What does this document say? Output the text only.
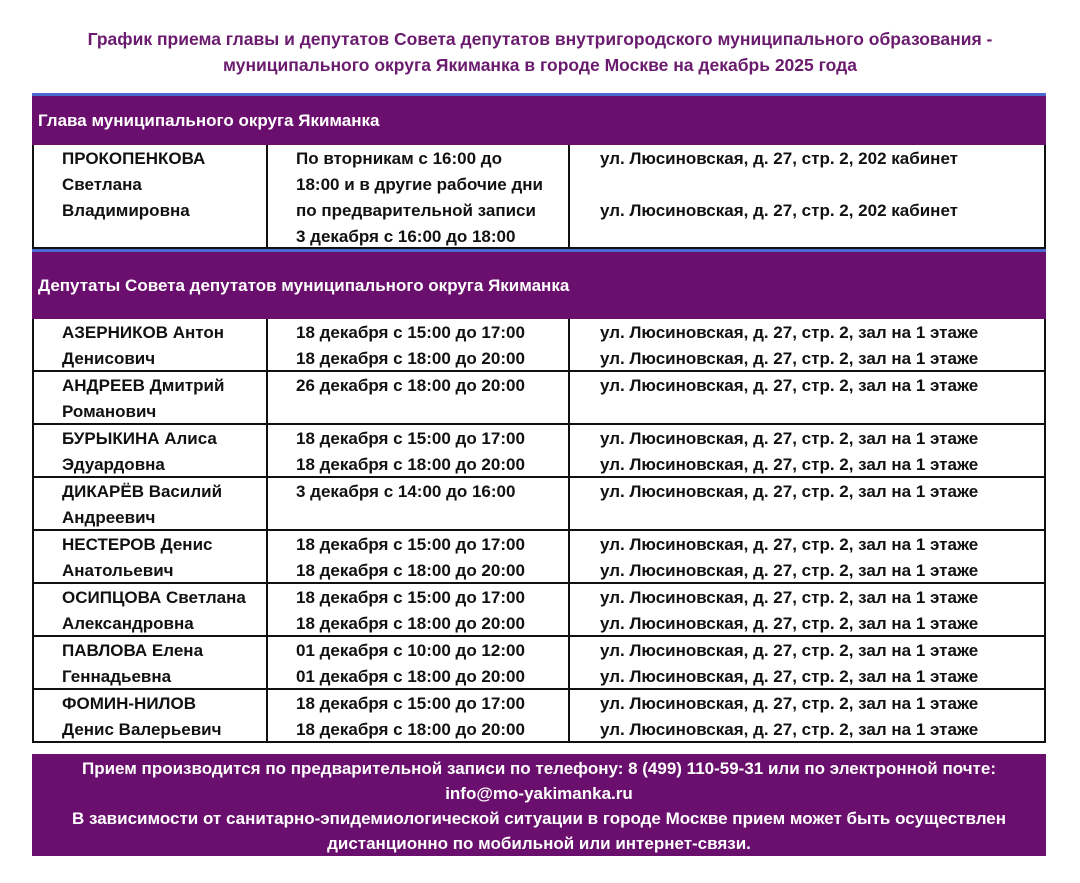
График приема главы и депутатов Совета депутатов внутригородского муниципального образования -
муниципального округа Якиманка в городе Москве на декабрь 2025 года
Глава муниципального округа Якиманка
ПРОКОПЕНКОВА
Светлана
Владимировна
По вторникам с 16:00 до
18:00 и в другие рабочие дни
по предварительной записи
3 декабря с 16:00 до 18:00
ул. Люсиновская, д. 27, стр. 2, 202 кабинет
ул. Люсиновская, д. 27, стр. 2, 202 кабинет
Депутаты Совета депутатов муниципального округа Якиманка
АЗЕРНИКОВ Антон
Денисович
18 декабря с 15:00 до 17:00
18 декабря с 18:00 до 20:00
ул. Люсиновская, д. 27, стр. 2, зал на 1 этаже
ул. Люсиновская, д. 27, стр. 2, зал на 1 этаже
АНДРЕЕВ Дмитрий
Романович
26 декабря с 18:00 до 20:00	ул. Люсиновская, д. 27, стр. 2, зал на 1 этаже
БУРЫКИНА Алиса
Эдуардовна
18 декабря с 15:00 до 17:00
18 декабря с 18:00 до 20:00
ул. Люсиновская, д. 27, стр. 2, зал на 1 этаже
ул. Люсиновская, д. 27, стр. 2, зал на 1 этаже
ДИКАРЁВ Василий
Андреевич
3 декабря с 14:00 до 16:00	ул. Люсиновская, д. 27, стр. 2, зал на 1 этаже
НЕСТЕРОВ Денис
Анатольевич
18 декабря с 15:00 до 17:00
18 декабря с 18:00 до 20:00
ул. Люсиновская, д. 27, стр. 2, зал на 1 этаже
ул. Люсиновская, д. 27, стр. 2, зал на 1 этаже
ОСИПЦОВА Светлана
Александровна
18 декабря с 15:00 до 17:00
18 декабря с 18:00 до 20:00
ул. Люсиновская, д. 27, стр. 2, зал на 1 этаже
ул. Люсиновская, д. 27, стр. 2, зал на 1 этаже
ПАВЛОВА Елена
Геннадьевна
01 декабря с 10:00 до 12:00
01 декабря с 18:00 до 20:00
ул. Люсиновская, д. 27, стр. 2, зал на 1 этаже
ул. Люсиновская, д. 27, стр. 2, зал на 1 этаже
ФОМИН-НИЛОВ
Денис Валерьевич
18 декабря с 15:00 до 17:00
18 декабря с 18:00 до 20:00
ул. Люсиновская, д. 27, стр. 2, зал на 1 этаже
ул. Люсиновская, д. 27, стр. 2, зал на 1 этаже
Прием производится по предварительной записи по телефону: 8 (499) 110-59-31 или по электронной почте:
info@mo-yakimanka.ru
В зависимости от санитарно-эпидемиологической ситуации в городе Москве прием может быть осуществлен
дистанционно по мобильной или интернет-связи.
